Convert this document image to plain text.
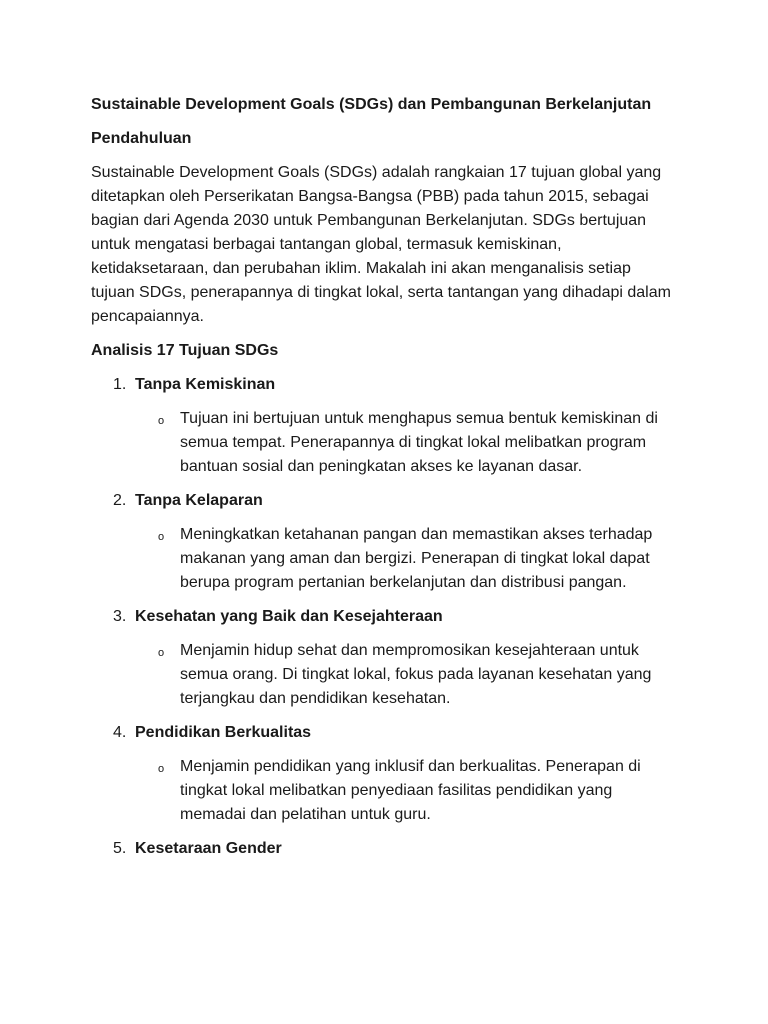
Sustainable Development Goals (SDGs) dan Pembangunan Berkelanjutan

Pendahuluan

Sustainable Development Goals (SDGs) adalah rangkaian 17 tujuan global yang ditetapkan oleh Perserikatan Bangsa-Bangsa (PBB) pada tahun 2015, sebagai bagian dari Agenda 2030 untuk Pembangunan Berkelanjutan. SDGs bertujuan untuk mengatasi berbagai tantangan global, termasuk kemiskinan, ketidaksetaraan, dan perubahan iklim. Makalah ini akan menganalisis setiap tujuan SDGs, penerapannya di tingkat lokal, serta tantangan yang dihadapi dalam pencapaiannya.

Analisis 17 Tujuan SDGs

1. Tanpa Kemiskinan
o Tujuan ini bertujuan untuk menghapus semua bentuk kemiskinan di semua tempat. Penerapannya di tingkat lokal melibatkan program bantuan sosial dan peningkatan akses ke layanan dasar.
2. Tanpa Kelaparan
o Meningkatkan ketahanan pangan dan memastikan akses terhadap makanan yang aman dan bergizi. Penerapan di tingkat lokal dapat berupa program pertanian berkelanjutan dan distribusi pangan.
3. Kesehatan yang Baik dan Kesejahteraan
o Menjamin hidup sehat dan mempromosikan kesejahteraan untuk semua orang. Di tingkat lokal, fokus pada layanan kesehatan yang terjangkau dan pendidikan kesehatan.
4. Pendidikan Berkualitas
o Menjamin pendidikan yang inklusif dan berkualitas. Penerapan di tingkat lokal melibatkan penyediaan fasilitas pendidikan yang memadai dan pelatihan untuk guru.
5. Kesetaraan Gender
